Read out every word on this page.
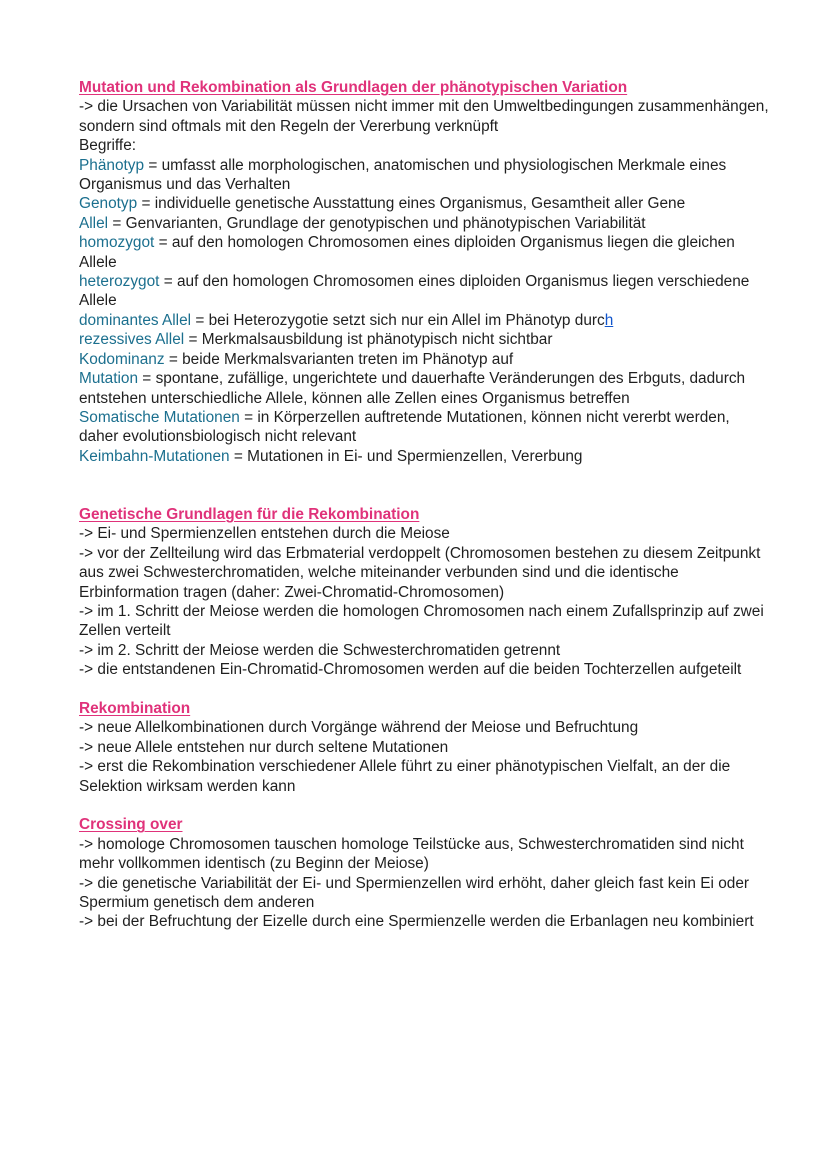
Mutation und Rekombination als Grundlagen der phänotypischen Variation

-> die Ursachen von Variabilität müssen nicht immer mit den Umweltbedingungen zusammenhängen, sondern sind oftmals mit den Regeln der Vererbung verknüpft

Begriffe:

Phänotyp = umfasst alle morphologischen, anatomischen und physiologischen Merkmale eines Organismus und das Verhalten

Genotyp = individuelle genetische Ausstattung eines Organismus, Gesamtheit aller Gene

Allel = Genvarianten, Grundlage der genotypischen und phänotypischen Variabilität

homozygot = auf den homologen Chromosomen eines diploiden Organismus liegen die gleichen Allele

heterozygot = auf den homologen Chromosomen eines diploiden Organismus liegen verschiedene Allele

dominantes Allel = bei Heterozygotie setzt sich nur ein Allel im Phänotyp durch

rezessives Allel = Merkmalsausbildung ist phänotypisch nicht sichtbar

Kodominanz = beide Merkmalsvarianten treten im Phänotyp auf

Mutation = spontane, zufällige, ungerichtete und dauerhafte Veränderungen des Erbguts, dadurch entstehen unterschiedliche Allele, können alle Zellen eines Organismus betreffen

Somatische Mutationen = in Körperzellen auftretende Mutationen, können nicht vererbt werden, daher evolutionsbiologisch nicht relevant

Keimbahn-Mutationen = Mutationen in Ei- und Spermienzellen, Vererbung

Genetische Grundlagen für die Rekombination

-> Ei- und Spermienzellen entstehen durch die Meiose

-> vor der Zellteilung wird das Erbmaterial verdoppelt (Chromosomen bestehen zu diesem Zeitpunkt aus zwei Schwesterchromatiden, welche miteinander verbunden sind und die identische Erbinformation tragen (daher: Zwei-Chromatid-Chromosomen)

-> im 1. Schritt der Meiose werden die homologen Chromosomen nach einem Zufallsprinzip auf zwei Zellen verteilt

-> im 2. Schritt der Meiose werden die Schwesterchromatiden getrennt

-> die entstandenen Ein-Chromatid-Chromosomen werden auf die beiden Tochterzellen aufgeteilt

Rekombination

-> neue Allelkombinationen durch Vorgänge während der Meiose und Befruchtung

-> neue Allele entstehen nur durch seltene Mutationen

-> erst die Rekombination verschiedener Allele führt zu einer phänotypischen Vielfalt, an der die Selektion wirksam werden kann

Crossing over

-> homologe Chromosomen tauschen homologe Teilstücke aus, Schwesterchromatiden sind nicht mehr vollkommen identisch (zu Beginn der Meiose)

-> die genetische Variabilität der Ei- und Spermienzellen wird erhöht, daher gleich fast kein Ei oder Spermium genetisch dem anderen

-> bei der Befruchtung der Eizelle durch eine Spermienzelle werden die Erbanlagen neu kombiniert
